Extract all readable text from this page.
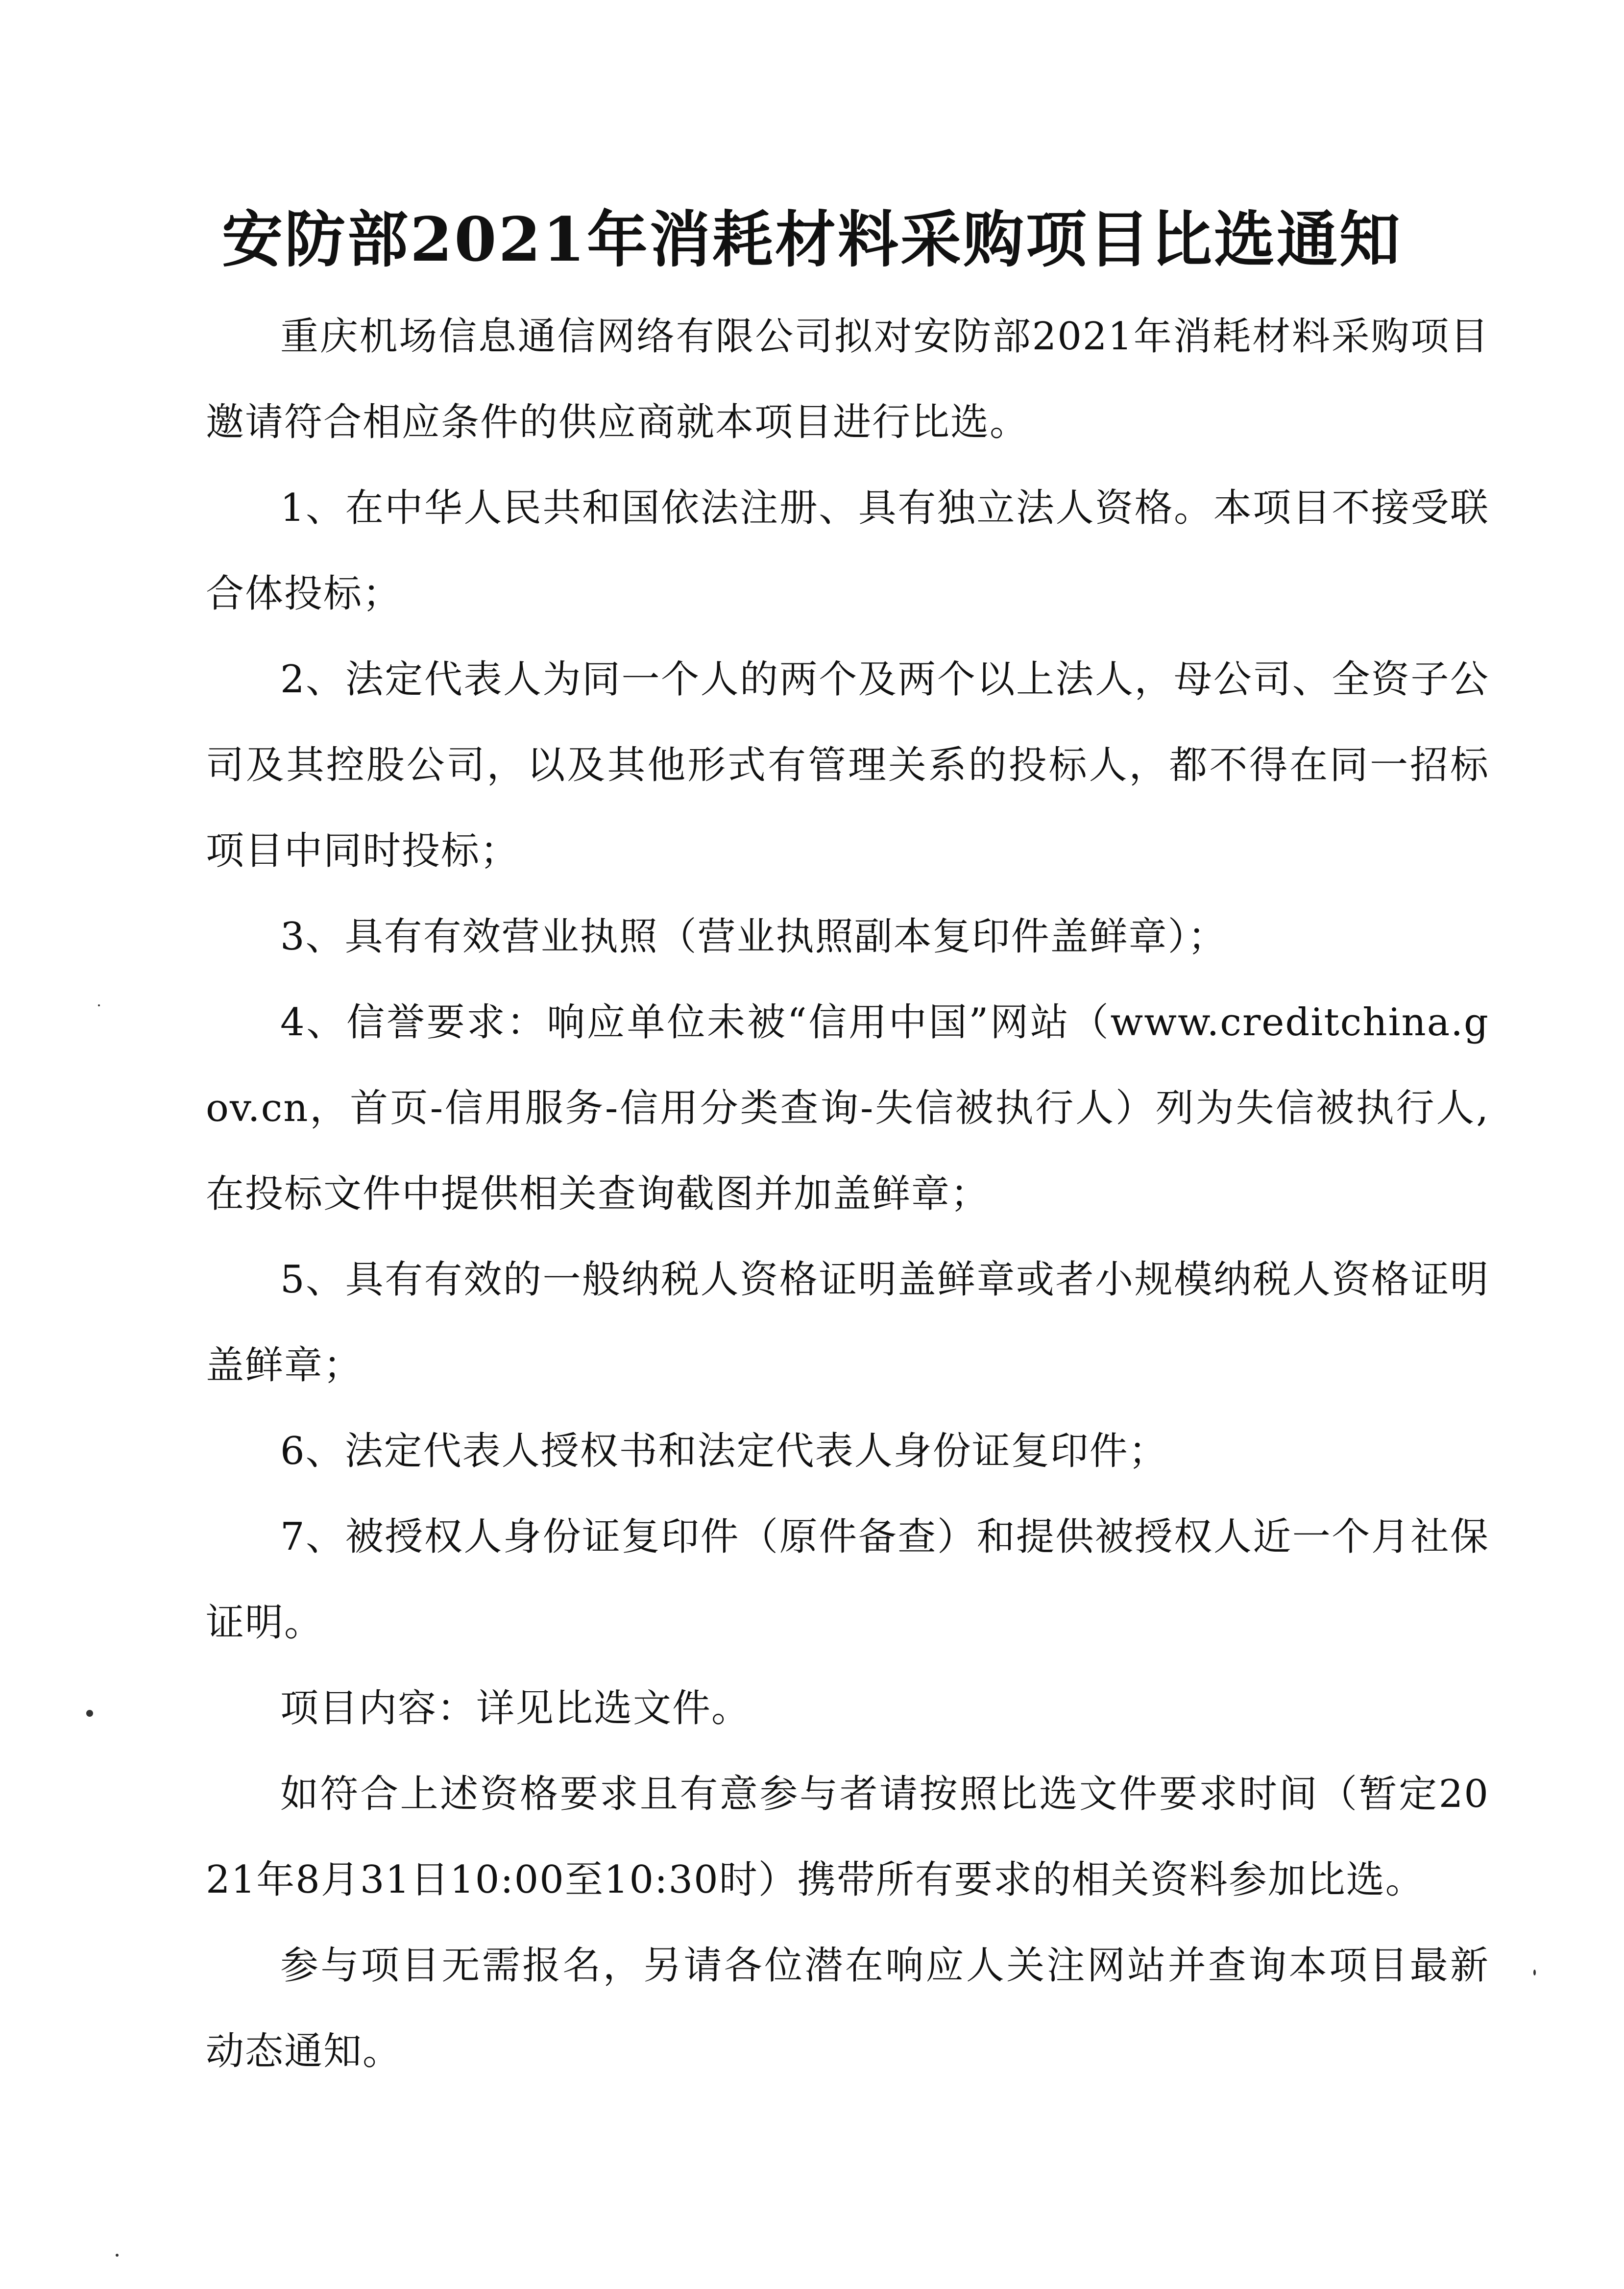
安防部2021年消耗材料采购项目比选通知

重庆机场信息通信网络有限公司拟对安防部2021年消耗材料采购项目邀请符合相应条件的供应商就本项目进行比选。

1、在中华人民共和国依法注册、具有独立法人资格。本项目不接受联合体投标；

2、法定代表人为同一个人的两个及两个以上法人，母公司、全资子公司及其控股公司，以及其他形式有管理关系的投标人，都不得在同一招标项目中同时投标；

3、具有有效营业执照（营业执照副本复印件盖鲜章）；

4、信誉要求：响应单位未被“信用中国”网站（www.creditchina.gov.cn，首页-信用服务-信用分类查询-失信被执行人）列为失信被执行人,在投标文件中提供相关查询截图并加盖鲜章；

5、具有有效的一般纳税人资格证明盖鲜章或者小规模纳税人资格证明盖鲜章；

6、法定代表人授权书和法定代表人身份证复印件；

7、被授权人身份证复印件（原件备查）和提供被授权人近一个月社保证明。

项目内容：详见比选文件。

如符合上述资格要求且有意参与者请按照比选文件要求时间（暂定2021年8月31日10:00至10:30时）携带所有要求的相关资料参加比选。

参与项目无需报名，另请各位潜在响应人关注网站并查询本项目最新动态通知。
